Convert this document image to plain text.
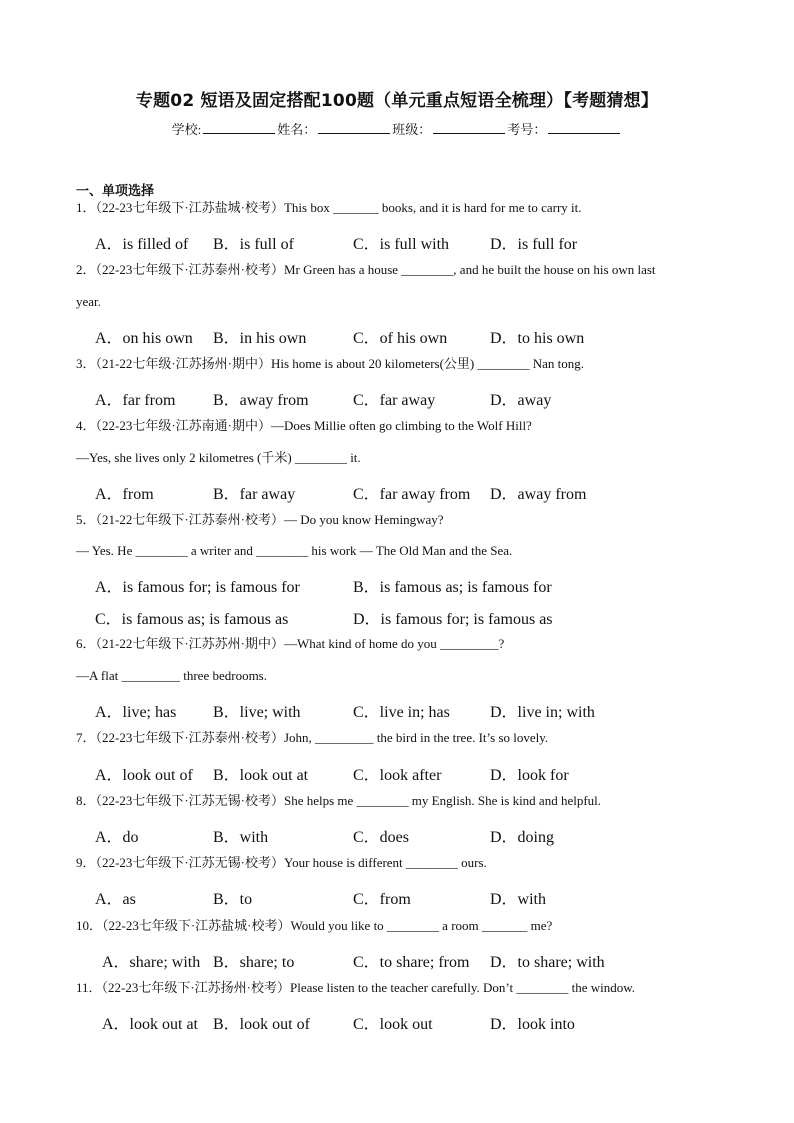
专题02 短语及固定搭配100题（单元重点短语全梳理）【考题猜想】
学校:	姓名：	班级：	考号：
一、单项选择
1．（22-23七年级下·江苏盐城·校考）This box _______ books, and it is hard for me to carry it.
A．is filled of B．is full of	C．is full with	D．is full for
2．（22-23七年级下·江苏泰州·校考）Mr Green has a house ________, and he built the house on his own last
year.
A．on his own B．in his own	C．of his own	D．to his own
3．（21-22七年级·江苏扬州·期中）His home is about 20 kilometers(公里) ________ Nan tong.
A．far from B．away from	C．far away	D．away
4．（22-23七年级·江苏南通·期中）—Does Millie often go climbing to the Wolf Hill?
—Yes, she lives only 2 kilometres (千米) ________ it.
A．from	B．far away	C．far away from D．away from
5．（21-22七年级下·江苏泰州·校考）— Do you know Hemingway?
— Yes. He ________ a writer and ________ his work — The Old Man and the Sea.
A．is famous for; is famous for	B．is famous as; is famous for
C．is famous as; is famous as	D．is famous for; is famous as
6．（21-22七年级下·江苏苏州·期中）—What kind of home do you _________?
—A flat _________ three bedrooms.
A．live; has B．live; with	C．live in; has	D．live in; with
7．（22-23七年级下·江苏泰州·校考）John, _________ the bird in the tree. It’s so lovely.
A．look out of B．look out at	C．look after	D．look for
8．（22-23七年级下·江苏无锡·校考）She helps me ________ my English. She is kind and helpful.
A．do	B．with	C．does	D．doing
9．（22-23七年级下·江苏无锡·校考）Your house is different ________ ours.
A．as	B．to	C．from	D．with
10．（22-23七年级下·江苏盐城·校考）Would you like to ________ a room _______ me?
A．share; with B．share; to	C．to share; from D．to share; with
11．（22-23七年级下·江苏扬州·校考）Please listen to the teacher carefully. Don’t ________ the window.
A．look out at B．look out of	C．look out	D．look into
